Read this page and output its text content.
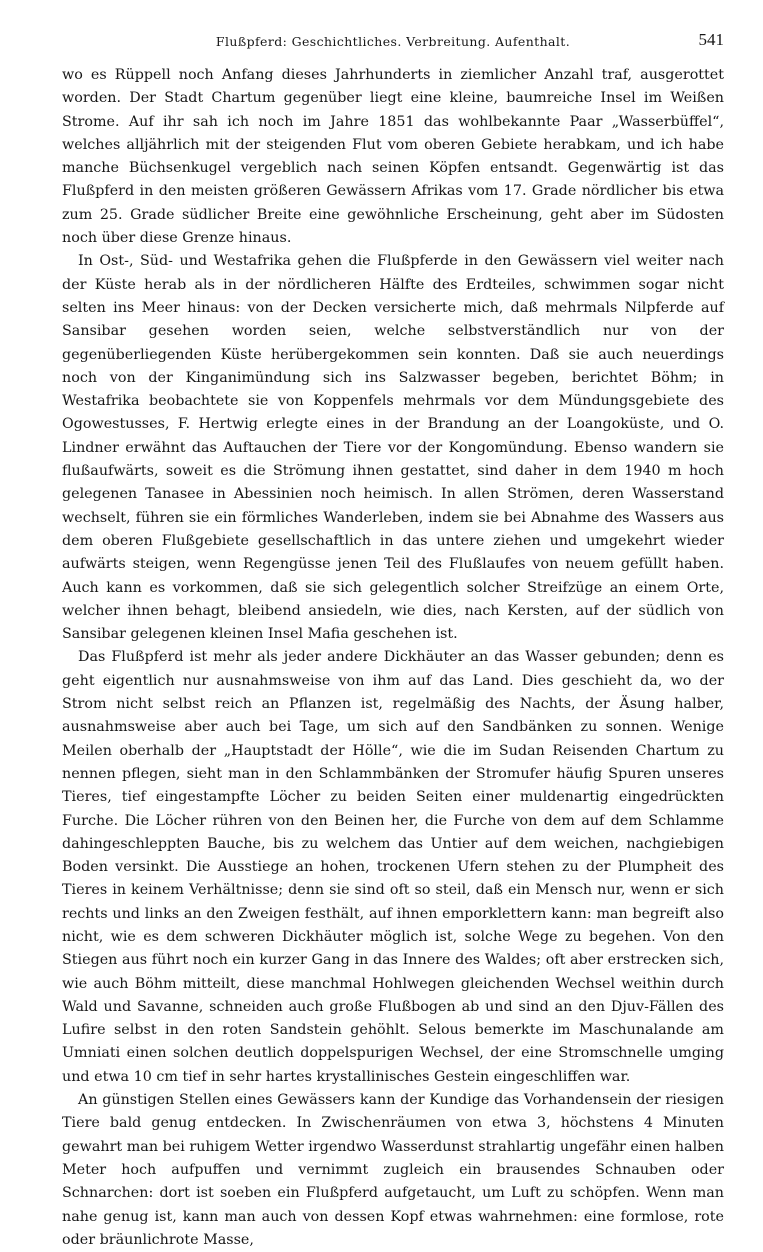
Flußpferd: Geschichtliches. Verbreitung. Aufenthalt.	541

wo es Rüppell noch Anfang dieses Jahrhunderts in ziemlicher Anzahl traf, ausgerottet worden. Der Stadt Chartum gegenüber liegt eine kleine, baumreiche Insel im Weißen Strome. Auf ihr sah ich noch im Jahre 1851 das wohlbekannte Paar „Wasserbüffel“, welches alljährlich mit der steigenden Flut vom oberen Gebiete herabkam, und ich habe manche Büchsenkugel vergeblich nach seinen Köpfen entsandt. Gegenwärtig ist das Flußpferd in den meisten größeren Gewässern Afrikas vom 17. Grade nördlicher bis etwa zum 25. Grade südlicher Breite eine gewöhnliche Erscheinung, geht aber im Südosten noch über diese Grenze hinaus.

In Ost-, Süd- und Westafrika gehen die Flußpferde in den Gewässern viel weiter nach der Küste herab als in der nördlicheren Hälfte des Erdteiles, schwimmen sogar nicht selten ins Meer hinaus: von der Decken versicherte mich, daß mehrmals Nilpferde auf Sansibar gesehen worden seien, welche selbstverständlich nur von der gegenüberliegenden Küste herübergekommen sein konnten. Daß sie auch neuerdings noch von der Kinganimündung sich ins Salzwasser begeben, berichtet Böhm; in Westafrika beobachtete sie von Koppenfels mehrmals vor dem Mündungsgebiete des Ogowestusses, F. Hertwig erlegte eines in der Brandung an der Loangoküste, und O. Lindner erwähnt das Auftauchen der Tiere vor der Kongomündung. Ebenso wandern sie flußaufwärts, soweit es die Strömung ihnen gestattet, sind daher in dem 1940 m hoch gelegenen Tanasee in Abessinien noch heimisch. In allen Strömen, deren Wasserstand wechselt, führen sie ein förmliches Wanderleben, indem sie bei Abnahme des Wassers aus dem oberen Flußgebiete gesellschaftlich in das untere ziehen und umgekehrt wieder aufwärts steigen, wenn Regengüsse jenen Teil des Flußlaufes von neuem gefüllt haben. Auch kann es vorkommen, daß sie sich gelegentlich solcher Streifzüge an einem Orte, welcher ihnen behagt, bleibend ansiedeln, wie dies, nach Kersten, auf der südlich von Sansibar gelegenen kleinen Insel Mafia geschehen ist.

Das Flußpferd ist mehr als jeder andere Dickhäuter an das Wasser gebunden; denn es geht eigentlich nur ausnahmsweise von ihm auf das Land. Dies geschieht da, wo der Strom nicht selbst reich an Pflanzen ist, regelmäßig des Nachts, der Äsung halber, ausnahmsweise aber auch bei Tage, um sich auf den Sandbänken zu sonnen. Wenige Meilen oberhalb der „Hauptstadt der Hölle“, wie die im Sudan Reisenden Chartum zu nennen pflegen, sieht man in den Schlammbänken der Stromufer häufig Spuren unseres Tieres, tief eingestampfte Löcher zu beiden Seiten einer muldenartig eingedrückten Furche. Die Löcher rühren von den Beinen her, die Furche von dem auf dem Schlamme dahingeschleppten Bauche, bis zu welchem das Untier auf dem weichen, nachgiebigen Boden versinkt. Die Ausstiege an hohen, trockenen Ufern stehen zu der Plumpheit des Tieres in keinem Verhältnisse; denn sie sind oft so steil, daß ein Mensch nur, wenn er sich rechts und links an den Zweigen festhält, auf ihnen emporklettern kann: man begreift also nicht, wie es dem schweren Dickhäuter möglich ist, solche Wege zu begehen. Von den Stiegen aus führt noch ein kurzer Gang in das Innere des Waldes; oft aber erstrecken sich, wie auch Böhm mitteilt, diese manchmal Hohlwegen gleichenden Wechsel weithin durch Wald und Savanne, schneiden auch große Flußbogen ab und sind an den Djuv-Fällen des Lufire selbst in den roten Sandstein gehöhlt. Selous bemerkte im Maschunalande am Umniati einen solchen deutlich doppelspurigen Wechsel, der eine Stromschnelle umging und etwa 10 cm tief in sehr hartes krystallinisches Gestein eingeschliffen war.

An günstigen Stellen eines Gewässers kann der Kundige das Vorhandensein der riesigen Tiere bald genug entdecken. In Zwischenräumen von etwa 3, höchstens 4 Minuten gewahrt man bei ruhigem Wetter irgendwo Wasserdunst strahlartig ungefähr einen halben Meter hoch aufpuffen und vernimmt zugleich ein brausendes Schnauben oder Schnarchen: dort ist soeben ein Flußpferd aufgetaucht, um Luft zu schöpfen. Wenn man nahe genug ist, kann man auch von dessen Kopf etwas wahrnehmen: eine formlose, rote oder bräunlichrote Masse,
